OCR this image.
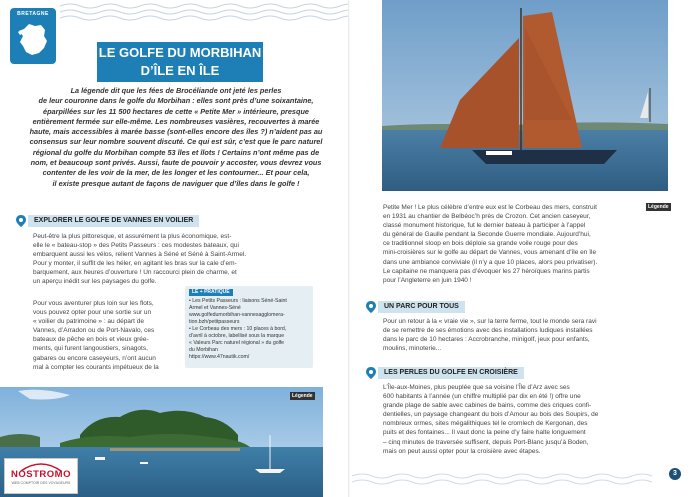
BRETAGNE
LE GOLFE DU MORBIHAN
D’ÎLE EN ÎLE
La légende dit que les fées de Brocéliande ont jeté les perles
de leur couronne dans le golfe du Morbihan : elles sont près d’une soixantaine,
éparpillées sur les 11 500 hectares de cette « Petite Mer » intérieure, presque
entièrement fermée sur elle-même. Les nombreuses vasières, recouvertes à marée
haute, mais accessibles à marée basse (sont-elles encore des îles ?) n’aident pas au
consensus sur leur nombre souvent discuté. Ce qui est sûr, c’est que le parc naturel
régional du golfe du Morbihan compte 53 îles et îlots ! Certains n’ont même pas de
nom, et beaucoup sont privés. Aussi, faute de pouvoir y accoster, vous devrez vous
contenter de les voir de la mer, de les longer et les contourner... Et pour cela,
il existe presque autant de façons de naviguer que d’îles dans le golfe !
EXPLORER LE GOLFE DE VANNES EN VOILIER
Peut-être la plus pittoresque, et assurément la plus économique, est-
elle le « bateau-stop » des Petits Passeurs : ces modestes bateaux, qui
embarquent aussi les vélos, relient Vannes à Séné et Séné à Saint-Armel.
Pour y monter, il suffit de les héler, en agitant les bras sur la cale d’em-
barquement, aux heures d’ouverture ! Un raccourci plein de charme, et
un aperçu inédit sur les paysages du golfe.
Pour vous aventurer plus loin sur les flots,
vous pouvez opter pour une sortie sur un
« voilier du patrimoine » : au départ de
Vannes, d’Arradon ou de Port-Navalo, ces
bateaux de pêche en bois et vieux grée-
ments, qui furent langoustiers, sinagots,
gabares ou encore caseyeurs, n’ont aucun
mal à compter les courants impétueux de la
LE + PRATIQUE
• Les Petits Passeurs : liaisons Séné-Saint
Armel et Vannes-Séné
www.golfedumorbihan-vannesagglomera-
tion.bzh/petitpasseurs
• Le Corbeau des mers : 10 places à bord,
d’avril à octobre, labellisé sous la marque
« Valeurs Parc naturel régional » du golfe
du Morbihan
https://www.47nautik.com/
Légende
NOSTROMO
WEB COMPTOIR DES VOYAGEURS
Petite Mer ! Le plus célèbre d’entre eux est le Corbeau des mers, construit
en 1931 au chantier de Belbéoc’h près de Crozon. Cet ancien caseyeur,
classé monument historique, fut le dernier bateau à participer à l’appel
du général de Gaulle pendant la Seconde Guerre mondiale. Aujourd’hui,
ce traditionnel sloop en bois déploie sa grande voile rouge pour des
mini-croisières sur le golfe au départ de Vannes, vous amenant d’île en île
dans une ambiance conviviale (il n’y a que 10 places, alors peu privatiser).
Le capitaine ne manquera pas d’évoquer les 27 héroïques marins partis
pour l’Angleterre en juin 1940 !
UN PARC POUR TOUS
Pour un retour à la « vraie vie », sur la terre ferme, tout le monde sera ravi
de se remettre de ses émotions avec des installations ludiques installées
dans le parc de 10 hectares : Accrobranche, minigolf, jeux pour enfants,
moulins, minoterie...
LES PERLES DU GOLFE EN CROISIÈRE
L’Île-aux-Moines, plus peuplée que sa voisine l’Île d’Arz avec ses
600 habitants à l’année (un chiffre multiplié par dix en été !) offre une
grande plage de sable avec cabines de bains, comme des criques confi-
dentielles, un paysage changeant du bois d’Amour au bois des Soupirs, de
nombreux ormes, sites mégalithiques tel le cromlech de Kergonan, des
puits et des fontaines... Il vaut donc la peine d’y faire halte longuement
– cinq minutes de traversée suffisent, depuis Port-Blanc jusqu’à Boden,
mais on peut aussi opter pour la croisière avec étapes.
Légende
3
